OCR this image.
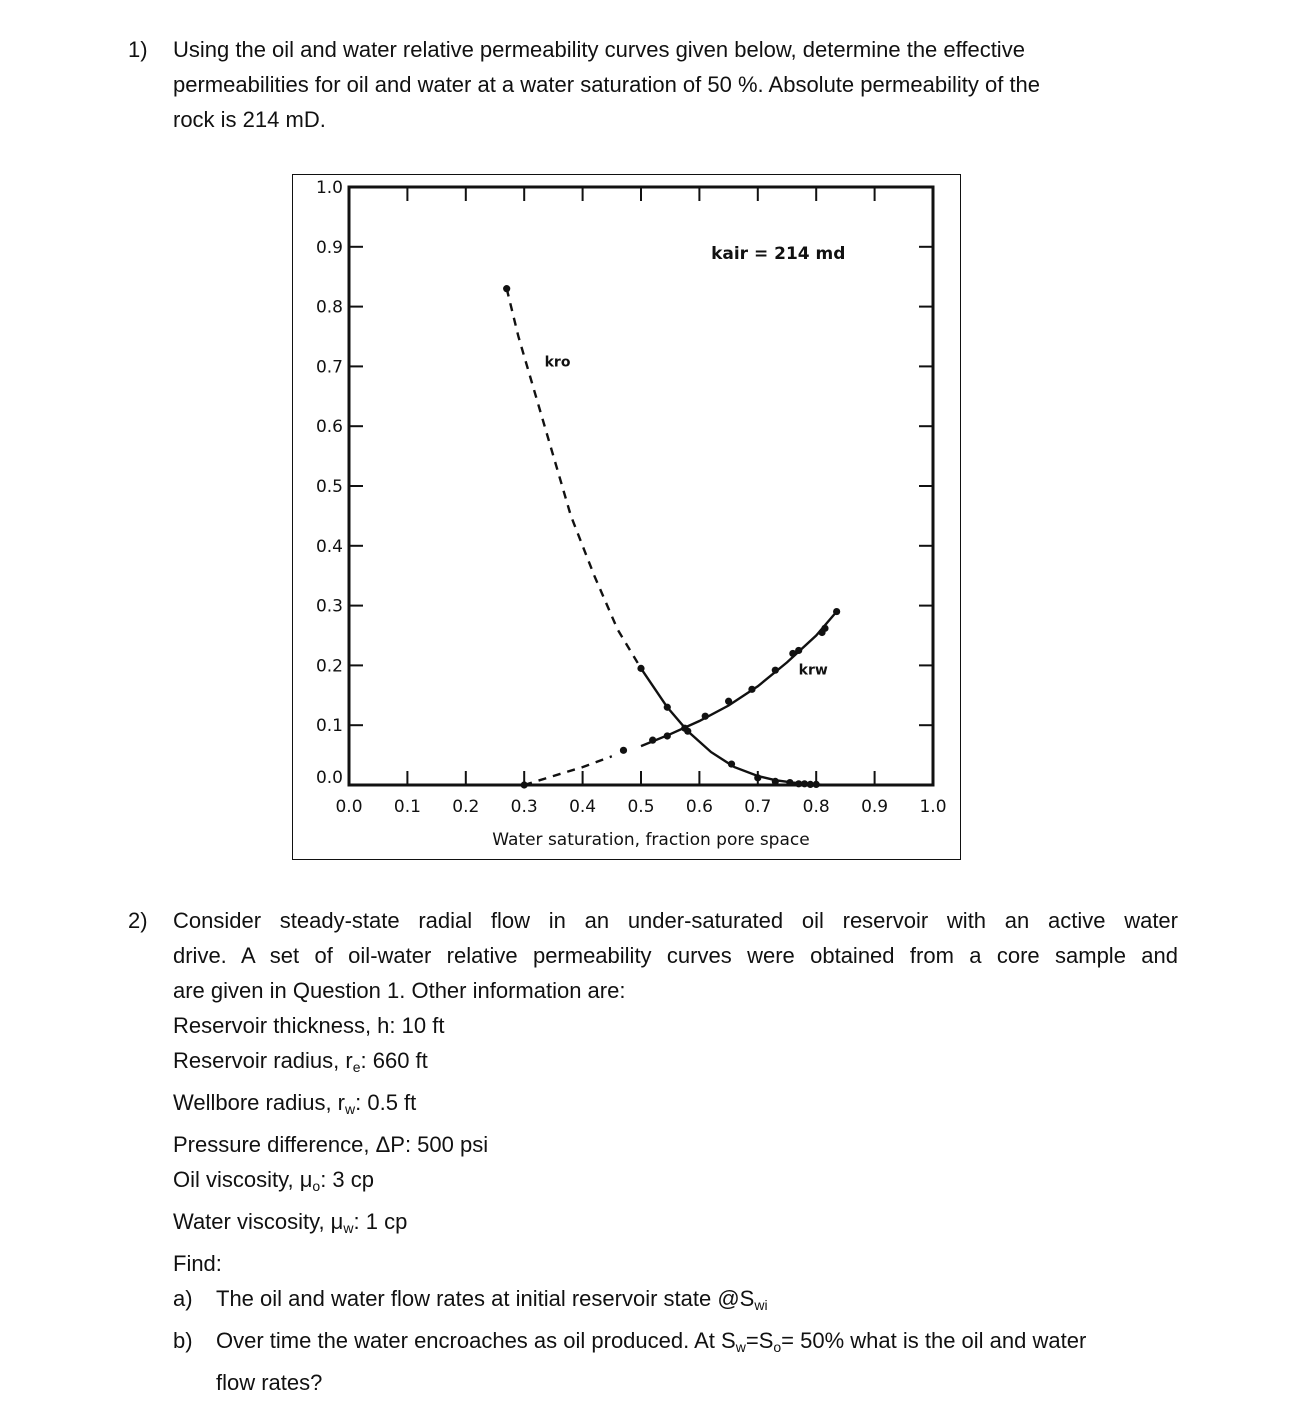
1) Using the oil and water relative permeability curves given below, determine the effective
permeabilities for oil and water at a water saturation of 50 %. Absolute permeability of the
rock is 214 mD.
0.0 0.1 0.2 0.3 0.4 0.5 0.6 0.7 0.8 0.9 1.0
0.0
0.1
0.2
0.3
0.4
0.5
0.6
0.7
0.8
0.9
1.0
Water saturation, fraction pore space
kro
krw
kair = 214 md
2) Consider steady-state radial flow in an under-saturated oil reservoir with an active water
drive. A set of oil-water relative permeability curves were obtained from a core sample and
are given in Question 1. Other information are:
Reservoir thickness, h: 10 ft
Reservoir radius, $r_e$: 660 ft
Wellbore radius, $r_w$: 0.5 ft
Pressure difference, ΔP: 500 psi
Oil viscosity, $\mu_o$: 3 cp
Water viscosity, $\mu_w$: 1 cp
Find:
a) The oil and water flow rates at initial reservoir state $@S_{wi}$
b) Over time the water encroaches as oil produced. At $S_w=S_o= 50\%$ what is the oil and water
flow rates?
